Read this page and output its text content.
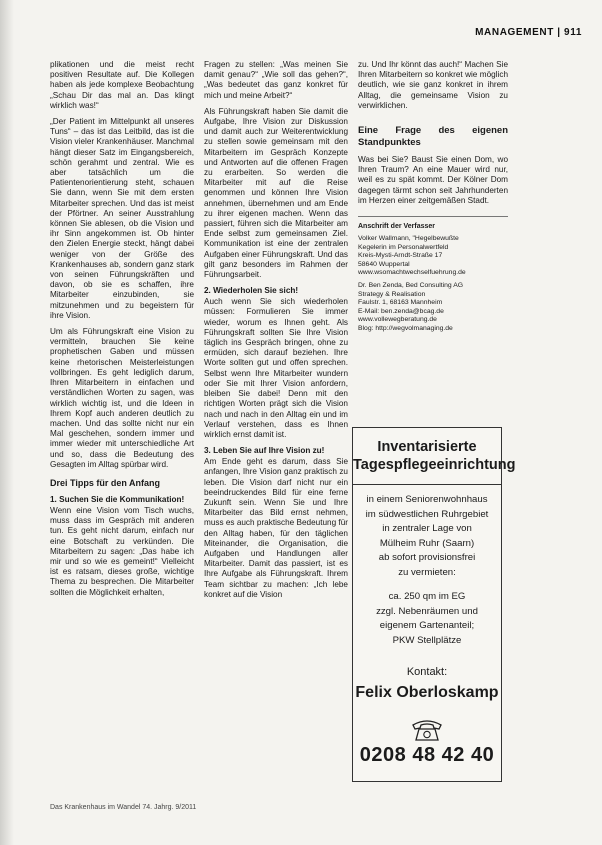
MANAGEMENT | 911

plikationen und die meist recht positiven Resultate auf. Die Kollegen haben als jede komplexe Beobachtung „Schau Dir das mal an. Das klingt wirklich was!“

„Der Patient im Mittelpunkt all unseres Tuns“ – das ist das Leitbild, das ist die Vision vieler Krankenhäuser. Manchmal hängt dieser Satz im Eingangsbereich, schön gerahmt und zentral. Wie es aber tatsächlich um die Patientenorientierung steht, schauen Sie dann, wenn Sie mit dem ersten Mitarbeiter sprechen. Und das ist meist der Pförtner. An seiner Ausstrahlung können Sie ablesen, ob die Vision und ihr Sinn angekommen ist. Ob hinter den Zielen Energie steckt, hängt dabei weniger von der Größe des Krankenhauses ab, sondern ganz stark von seinen Führungskräften und davon, ob sie es schaffen, ihre Mitarbeiter einzubinden, sie mitzunehmen und zu begeistern für ihre Vision.

Um als Führungskraft eine Vision zu vermitteln, brauchen Sie keine prophetischen Gaben und müssen keine rhetorischen Meisterleistungen vollbringen. Es geht lediglich darum, Ihren Mitarbeitern in einfachen und verständlichen Worten zu sagen, was wirklich wichtig ist, und die Ideen in Ihrem Kopf auch anderen deutlich zu machen. Und das sollte nicht nur ein Mal geschehen, sondern immer und immer wieder mit unterschiedliche Art und so, dass die Bedeutung des Gesagten im Alltag spürbar wird.

Drei Tipps für den Anfang
1. Suchen Sie die Kommunikation!

Wenn eine Vision vom Tisch wuchs, muss dass im Gespräch mit anderen tun. Es geht nicht darum, einfach nur eine Botschaft zu verkünden. Die Mitarbeitern zu sagen: „Das habe ich mir und so wie es gemeint!“ Vielleicht ist es ratsam, dieses große, wichtige Thema zu besprechen. Die Mitarbeiter sollten die Möglichkeit erhalten,

Fragen zu stellen: „Was meinen Sie damit genau?“ „Wie soll das gehen?“, „Was bedeutet das ganz konkret für mich und meine Arbeit?“

Als Führungskraft haben Sie damit die Aufgabe, Ihre Vision zur Diskussion und damit auch zur Weiterentwicklung zu stellen sowie gemeinsam mit den Mitarbeitern im Gespräch Konzepte und Antworten auf die offenen Fragen zu erarbeiten. So werden die Mitarbeiter mit auf die Reise genommen und können Ihre Vision annehmen, übernehmen und am Ende zu ihrer eigenen machen. Wenn das passiert, führen sich die Mitarbeiter am Ende selbst zum gemeinsamen Ziel. Kommunikation ist eine der zentralen Aufgaben einer Führungskraft. Und das gilt ganz besonders im Rahmen der Führungsarbeit.

2. Wiederholen Sie sich!

Auch wenn Sie sich wiederholen müssen: Formulieren Sie immer wieder, worum es Ihnen geht. Als Führungskraft sollten Sie Ihre Vision täglich ins Gespräch bringen, ohne zu ermüden, sich darauf beziehen. Ihre Worte sollten gut und offen sprechen. Selbst wenn Ihre Mitarbeiter wundern oder Sie mit Ihrer Vision anfordern, bleiben Sie dabei! Denn mit den richtigen Worten prägt sich die Vision nach und nach in den Alltag ein und im Verlauf verstehen, dass es Ihnen wirklich ernst damit ist.

3. Leben Sie auf Ihre Vision zu!

Am Ende geht es darum, dass Sie anfangen, Ihre Vision ganz praktisch zu leben. Die Vision darf nicht nur ein beeindruckendes Bild für eine ferne Zukunft sein. Wenn Sie und Ihre Mitarbeiter das Bild ernst nehmen, muss es auch praktische Bedeutung für den Alltag haben, für den täglichen Miteinander, die Organisation, die Aufgaben und Handlungen aller Mitarbeiter. Damit das passiert, ist es Ihre Aufgabe als Führungskraft. Ihrem Team sichtbar zu machen: „Ich lebe konkret auf die Vision

zu. Und Ihr könnt das auch!“ Machen Sie Ihren Mitarbeitern so konkret wie möglich deutlich, wie sie ganz konkret in ihrem Alltag, die gemeinsame Vision zu verwirklichen.

Eine Frage des eigenen Standpunktes

Was bei Sie? Baust Sie einen Dom, wo Ihren Traum? An eine Mauer wird nur, weil es zu spät kommt. Der Kölner Dom dagegen tärmt schon seit Jahrhunderten im Herzen einer zeitgemäßen Stadt.

Anschrift der Verfasser
Volker Wallmann, "Hegelbewußte
Kegelerin im Personalwertfeld
Kreis-Mysti-Arndt-Straße 17
58640 Wuppertal
www.wsomachtwechselfuehrung.de
Dr. Ben Zenda, Bed Consulting AG
Strategy & Realisation
Faulstr. 1, 68163 Mannheim
E-Mail: ben.zenda@bcag.de
www.vollewegberatung.de
Blog: http://wegvolmanaging.de
Inventarisierte
Tagespflegeeinrichtung
in einem Seniorenwohnhaus
im südwestlichen Ruhrgebiet
in zentraler Lage von
Mülheim Ruhr (Saarn)
ab sofort provisionsfrei
zu vermieten:
ca. 250 qm im EG
zzgl. Nebenräumen und
eigenem Gartenanteil;
PKW Stellplätze
Kontakt:
Felix Oberloskamp
0208 48 42 40
Das Krankenhaus im Wandel 74. Jahrg. 9/2011
